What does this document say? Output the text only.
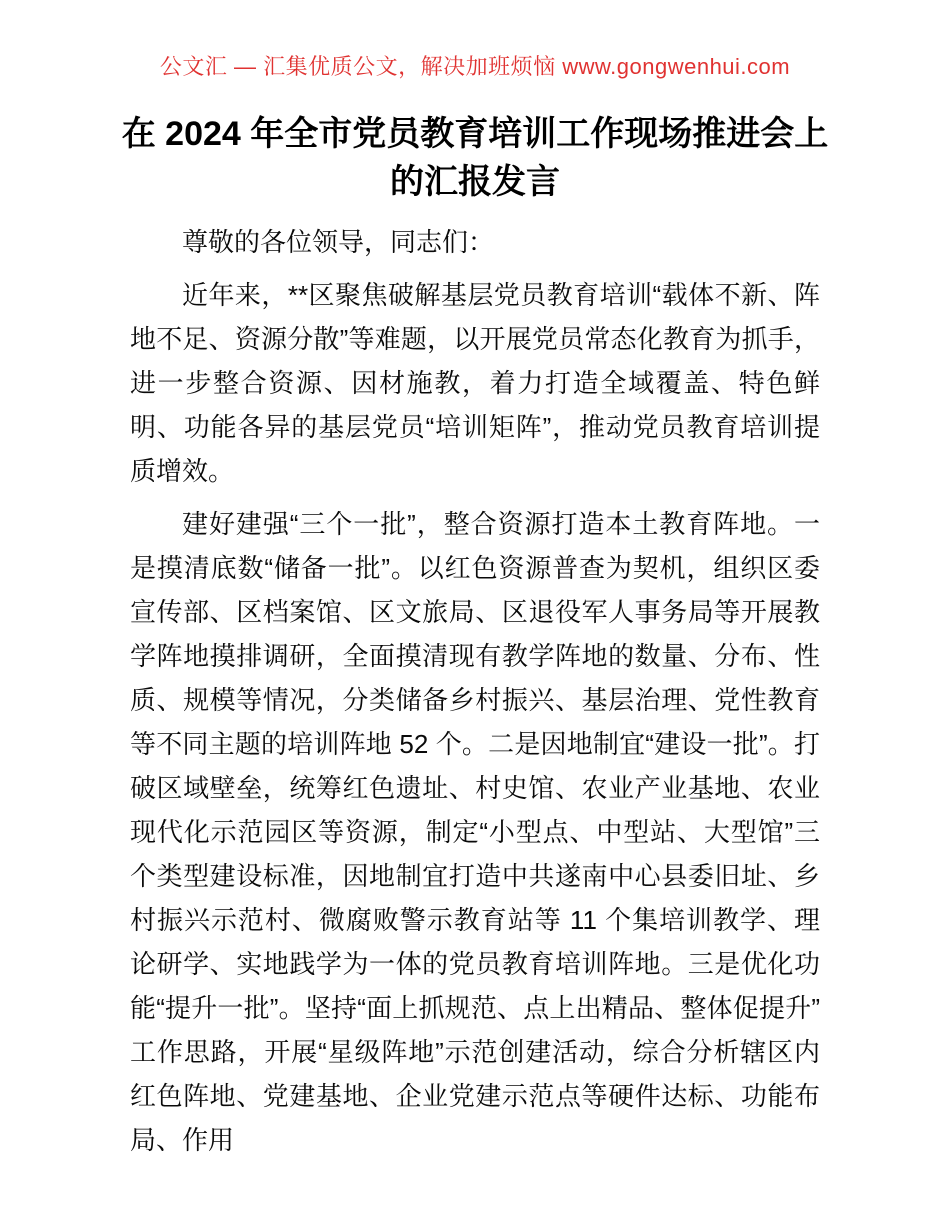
公文汇 — 汇集优质公文，解决加班烦恼 www.gongwenhui.com
在 2024 年全市党员教育培训工作现场推进会上
的汇报发言

尊敬的各位领导，同志们：

近年来，**区聚焦破解基层党员教育培训“载体不新、阵地不足、资源分散”等难题，以开展党员常态化教育为抓手，进一步整合资源、因材施教，着力打造全域覆盖、特色鲜明、功能各异的基层党员“培训矩阵”，推动党员教育培训提质增效。

建好建强“三个一批”，整合资源打造本土教育阵地。一是摸清底数“储备一批”。以红色资源普查为契机，组织区委宣传部、区档案馆、区文旅局、区退役军人事务局等开展教学阵地摸排调研，全面摸清现有教学阵地的数量、分布、性质、规模等情况，分类储备乡村振兴、基层治理、党性教育等不同主题的培训阵地 52 个。二是因地制宜“建设一批”。打破区域壁垒，统筹红色遗址、村史馆、农业产业基地、农业现代化示范园区等资源，制定“小型点、中型站、大型馆”三个类型建设标准，因地制宜打造中共遂南中心县委旧址、乡村振兴示范村、微腐败警示教育站等 11 个集培训教学、理论研学、实地践学为一体的党员教育培训阵地。三是优化功能“提升一批”。坚持“面上抓规范、点上出精品、整体促提升”工作思路，开展“星级阵地”示范创建活动，综合分析辖区内红色阵地、党建基地、企业党建示范点等硬件达标、功能布局、作用
